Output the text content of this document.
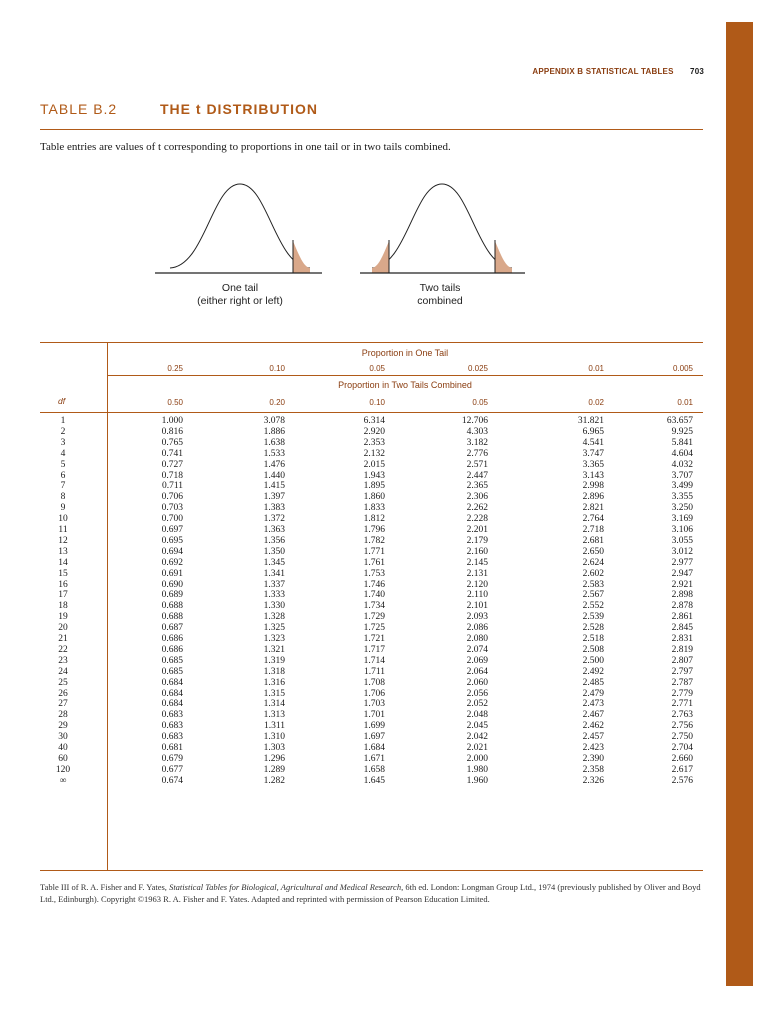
APPENDIX B STATISTICAL TABLES 703
TABLE B.2	THE t DISTRIBUTION
Table entries are values of t corresponding to proportions in one tail or in two tails combined.
One tail
(either right or left)
Two tails
combined
Proportion in One Tail
0.25	0.10	0.05	0.025	0.01	0.005
Proportion in Two Tails Combined
0.50	0.20	0.10	0.05	0.02	0.01
df
1	1.000	3.078	6.314	12.706	31.821	63.657
2	0.816	1.886	2.920	4.303	6.965	9.925
3	0.765	1.638	2.353	3.182	4.541	5.841
4	0.741	1.533	2.132	2.776	3.747	4.604
5	0.727	1.476	2.015	2.571	3.365	4.032
6	0.718	1.440	1.943	2.447	3.143	3.707
7	0.711	1.415	1.895	2.365	2.998	3.499
8	0.706	1.397	1.860	2.306	2.896	3.355
9	0.703	1.383	1.833	2.262	2.821	3.250
10	0.700	1.372	1.812	2.228	2.764	3.169
11	0.697	1.363	1.796	2.201	2.718	3.106
12	0.695	1.356	1.782	2.179	2.681	3.055
13	0.694	1.350	1.771	2.160	2.650	3.012
14	0.692	1.345	1.761	2.145	2.624	2.977
15	0.691	1.341	1.753	2.131	2.602	2.947
16	0.690	1.337	1.746	2.120	2.583	2.921
17	0.689	1.333	1.740	2.110	2.567	2.898
18	0.688	1.330	1.734	2.101	2.552	2.878
19	0.688	1.328	1.729	2.093	2.539	2.861
20	0.687	1.325	1.725	2.086	2.528	2.845
21	0.686	1.323	1.721	2.080	2.518	2.831
22	0.686	1.321	1.717	2.074	2.508	2.819
23	0.685	1.319	1.714	2.069	2.500	2.807
24	0.685	1.318	1.711	2.064	2.492	2.797
25	0.684	1.316	1.708	2.060	2.485	2.787
26	0.684	1.315	1.706	2.056	2.479	2.779
27	0.684	1.314	1.703	2.052	2.473	2.771
28	0.683	1.313	1.701	2.048	2.467	2.763
29	0.683	1.311	1.699	2.045	2.462	2.756
30	0.683	1.310	1.697	2.042	2.457	2.750
40	0.681	1.303	1.684	2.021	2.423	2.704
60	0.679	1.296	1.671	2.000	2.390	2.660
120	0.677	1.289	1.658	1.980	2.358	2.617
∞	0.674	1.282	1.645	1.960	2.326	2.576
Table III of R. A. Fisher and F. Yates, Statistical Tables for Biological, Agricultural and Medical Research, 6th ed. London: Longman Group Ltd., 1974 (previously published by Oliver and Boyd Ltd., Edinburgh). Copyright ©1963 R. A. Fisher and F. Yates. Adapted and reprinted with permission of Pearson Education Limited.
